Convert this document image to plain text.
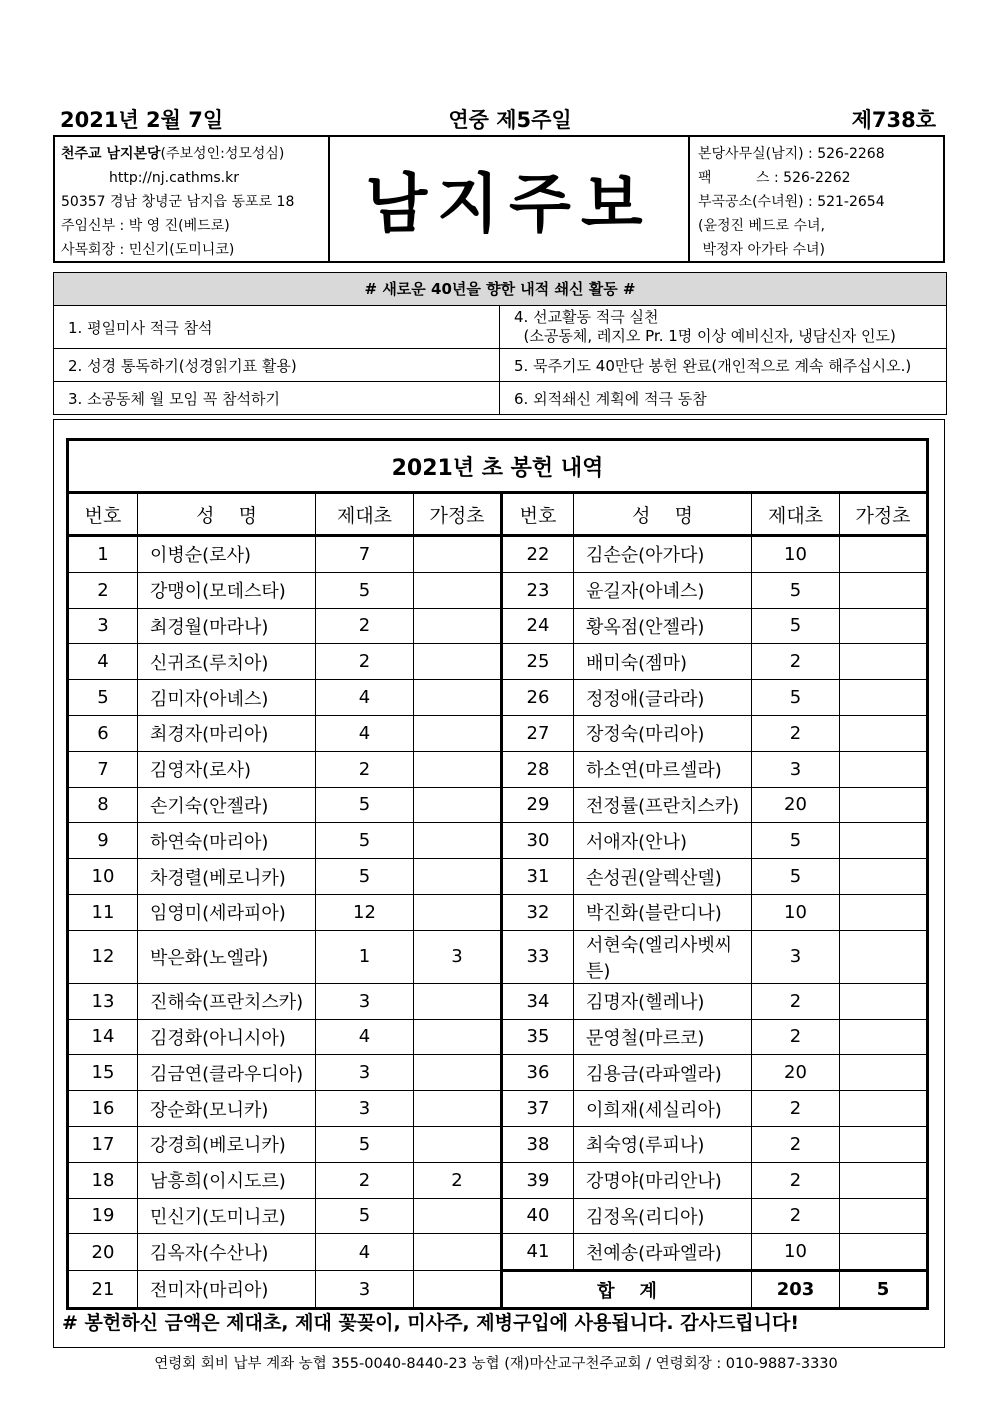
2021년 2월 7일	연중 제5주일	제738호
천주교 남지본당(주보성인:성모성심)
http://nj.cathms.kr
50357 경남 창녕군 남지읍 동포로 18
주임신부 : 박 영 진(베드로)
사목회장 : 민신기(도미니코)
남지주보
본당사무실(남지) : 526-2268
팩          스 : 526-2262
부곡공소(수녀원) : 521-2654
(윤정진 베드로 수녀,
박정자 아가타 수녀)
# 새로운 40년을 향한 내적 쇄신 활동 #
1. 평일미사 적극 참석
4. 선교활동 적극 실천
(소공동체, 레지오 Pr. 1명 이상 예비신자, 냉담신자 인도)
2. 성경 통독하기(성경읽기표 활용)	5. 묵주기도 40만단 봉헌 완료(개인적으로 계속 해주십시오.)
3. 소공동체 월 모임 꼭 참석하기	6. 외적쇄신 계획에 적극 동참
2021년 초 봉헌 내역							
번호	성    명	제대초	가정초	번호	성    명	제대초	가정초
1	이병순(로사)	7		22	김손순(아가다)	10	
2	강맹이(모데스타)	5		23	윤길자(아녜스)	5	
3	최경월(마라나)	2		24	황옥점(안젤라)	5	
4	신귀조(루치아)	2		25	배미숙(젬마)	2	
5	김미자(아녜스)	4		26	정정애(글라라)	5	
6	최경자(마리아)	4		27	장정숙(마리아)	2	
7	김영자(로사)	2		28	하소연(마르셀라)	3	
8	손기숙(안젤라)	5		29	전정률(프란치스카)	20	
9	하연숙(마리아)	5		30	서애자(안나)	5	
10	차경렬(베로니카)	5		31	손성권(알렉산델)	5	
11	임영미(세라피아)	12		32	박진화(블란디나)	10	
12	박은화(노엘라)	1	3	33	서현숙(엘리사벳씨튼)	3	
13	진해숙(프란치스카)	3		34	김명자(헬레나)	2	
14	김경화(아니시아)	4		35	문영철(마르코)	2	
15	김금연(클라우디아)	3		36	김용금(라파엘라)	20	
16	장순화(모니카)	3		37	이희재(세실리아)	2	
17	강경희(베로니카)	5		38	최숙영(루피나)	2	
18	남흥희(이시도르)	2	2	39	강명야(마리안나)	2	
19	민신기(도미니코)	5		40	김정옥(리디아)	2	
20	김옥자(수산나)	4		41	천예송(라파엘라)	10	
21	전미자(마리아)	3		합    계		203	5
# 봉헌하신 금액은 제대초, 제대 꽃꽂이, 미사주, 제병구입에 사용됩니다. 감사드립니다!
연령회 회비 납부 계좌 농협 355-0040-8440-23 농협 (재)마산교구천주교회 / 연령회장 : 010-9887-3330
